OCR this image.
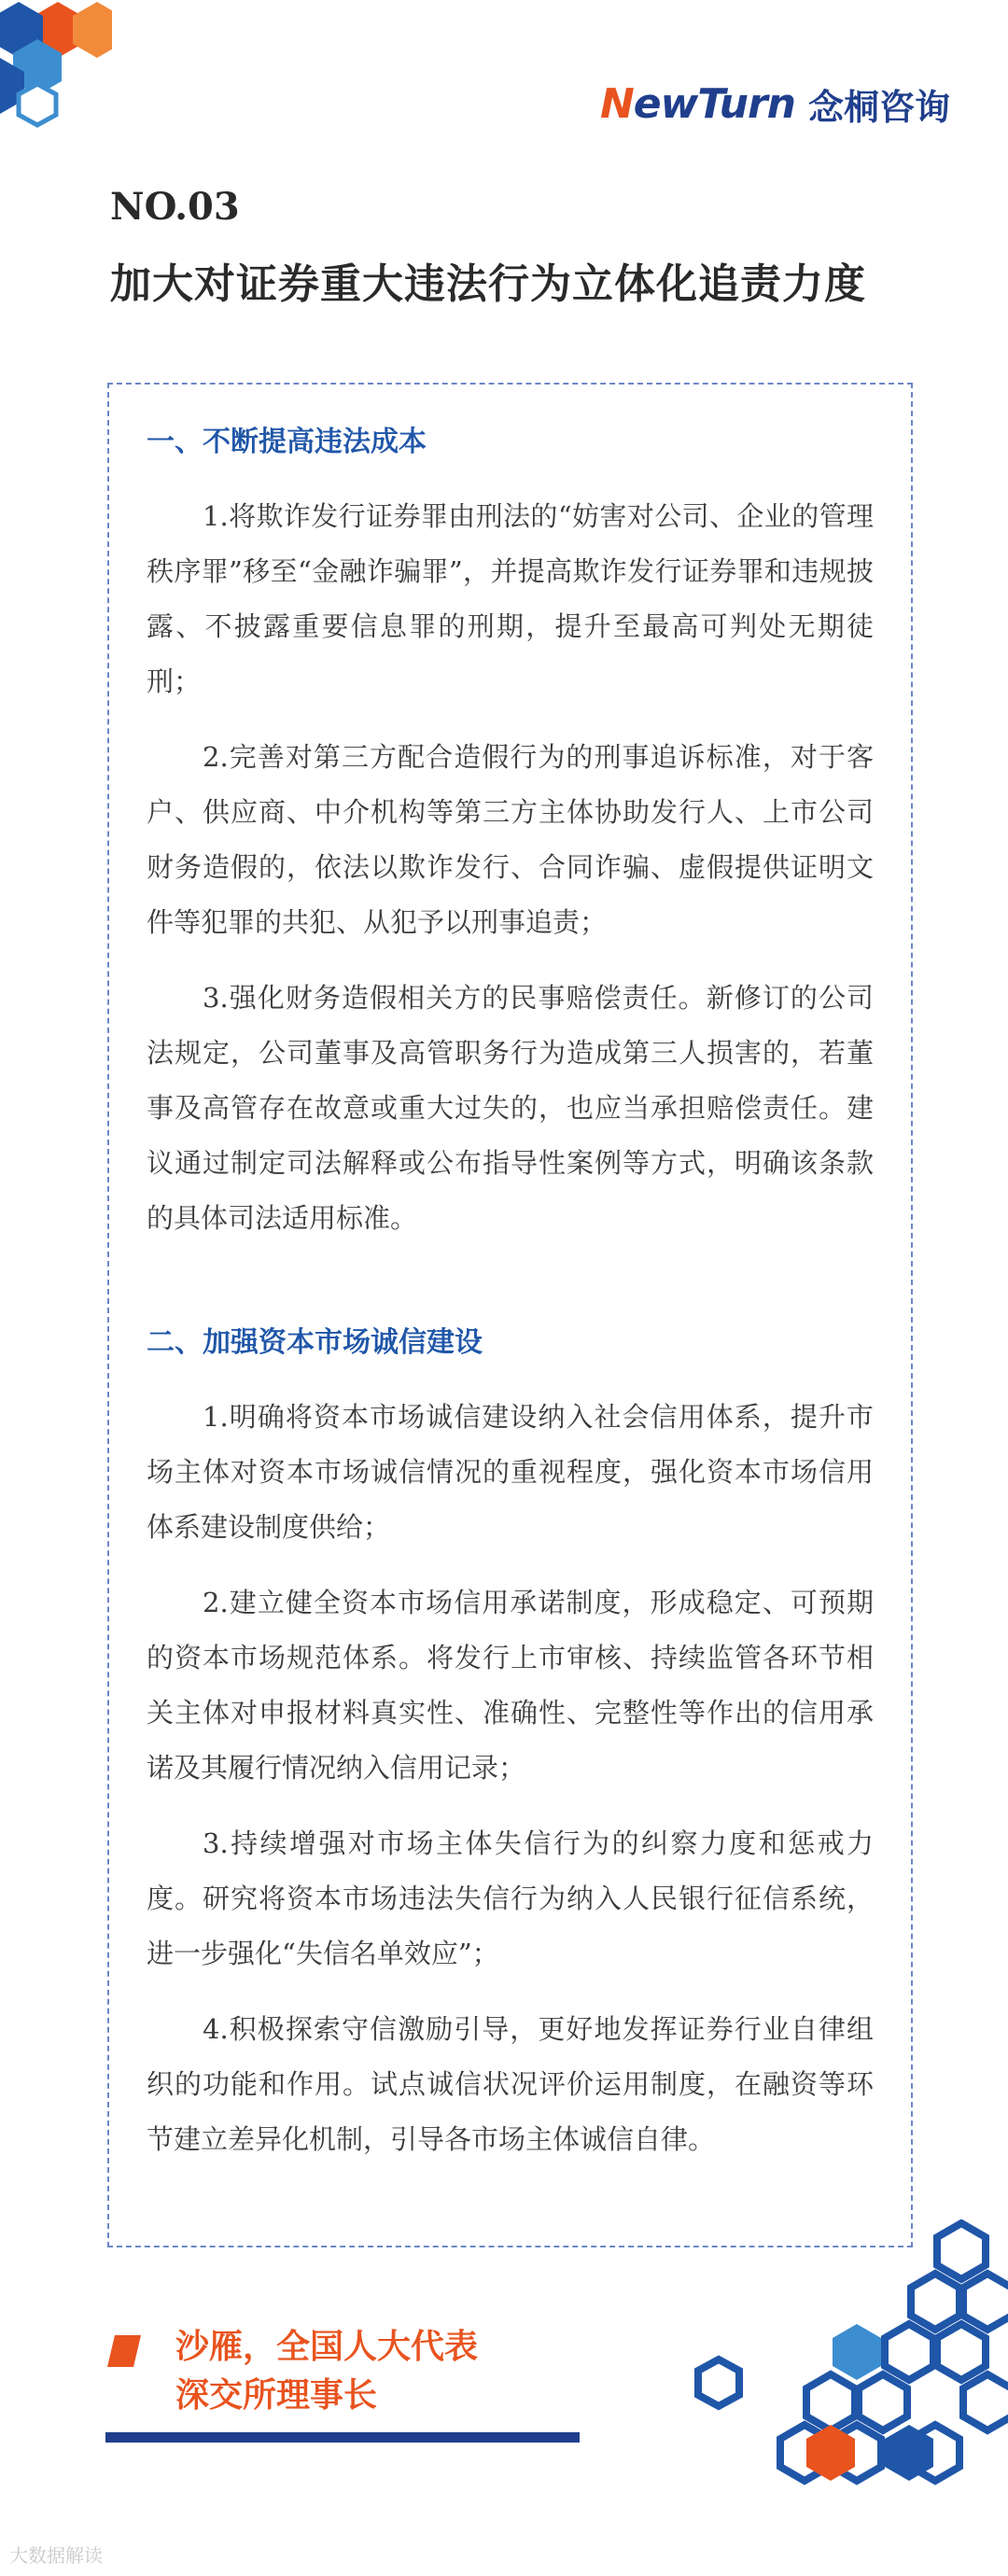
NewTurn 念桐咨询
NO.03
加大对证券重大违法行为立体化追责力度
一、不断提高违法成本

1.将欺诈发行证券罪由刑法的“妨害对公司、企业的管理秩序罪”移至“金融诈骗罪”，并提高欺诈发行证券罪和违规披露、不披露重要信息罪的刑期，提升至最高可判处无期徒刑；

2.完善对第三方配合造假行为的刑事追诉标准，对于客户、供应商、中介机构等第三方主体协助发行人、上市公司财务造假的，依法以欺诈发行、合同诈骗、虚假提供证明文件等犯罪的共犯、从犯予以刑事追责；

3.强化财务造假相关方的民事赔偿责任。新修订的公司法规定，公司董事及高管职务行为造成第三人损害的，若董事及高管存在故意或重大过失的，也应当承担赔偿责任。建议通过制定司法解释或公布指导性案例等方式，明确该条款的具体司法适用标准。

二、加强资本市场诚信建设

1.明确将资本市场诚信建设纳入社会信用体系，提升市场主体对资本市场诚信情况的重视程度，强化资本市场信用体系建设制度供给；

2.建立健全资本市场信用承诺制度，形成稳定、可预期的资本市场规范体系。将发行上市审核、持续监管各环节相关主体对申报材料真实性、准确性、完整性等作出的信用承诺及其履行情况纳入信用记录；

3.持续增强对市场主体失信行为的纠察力度和惩戒力度。研究将资本市场违法失信行为纳入人民银行征信系统，进一步强化“失信名单效应”；

4.积极探索守信激励引导，更好地发挥证券行业自律组织的功能和作用。试点诚信状况评价运用制度，在融资等环节建立差异化机制，引导各市场主体诚信自律。

沙雁，全国人大代表
深交所理事长
大数据解读
